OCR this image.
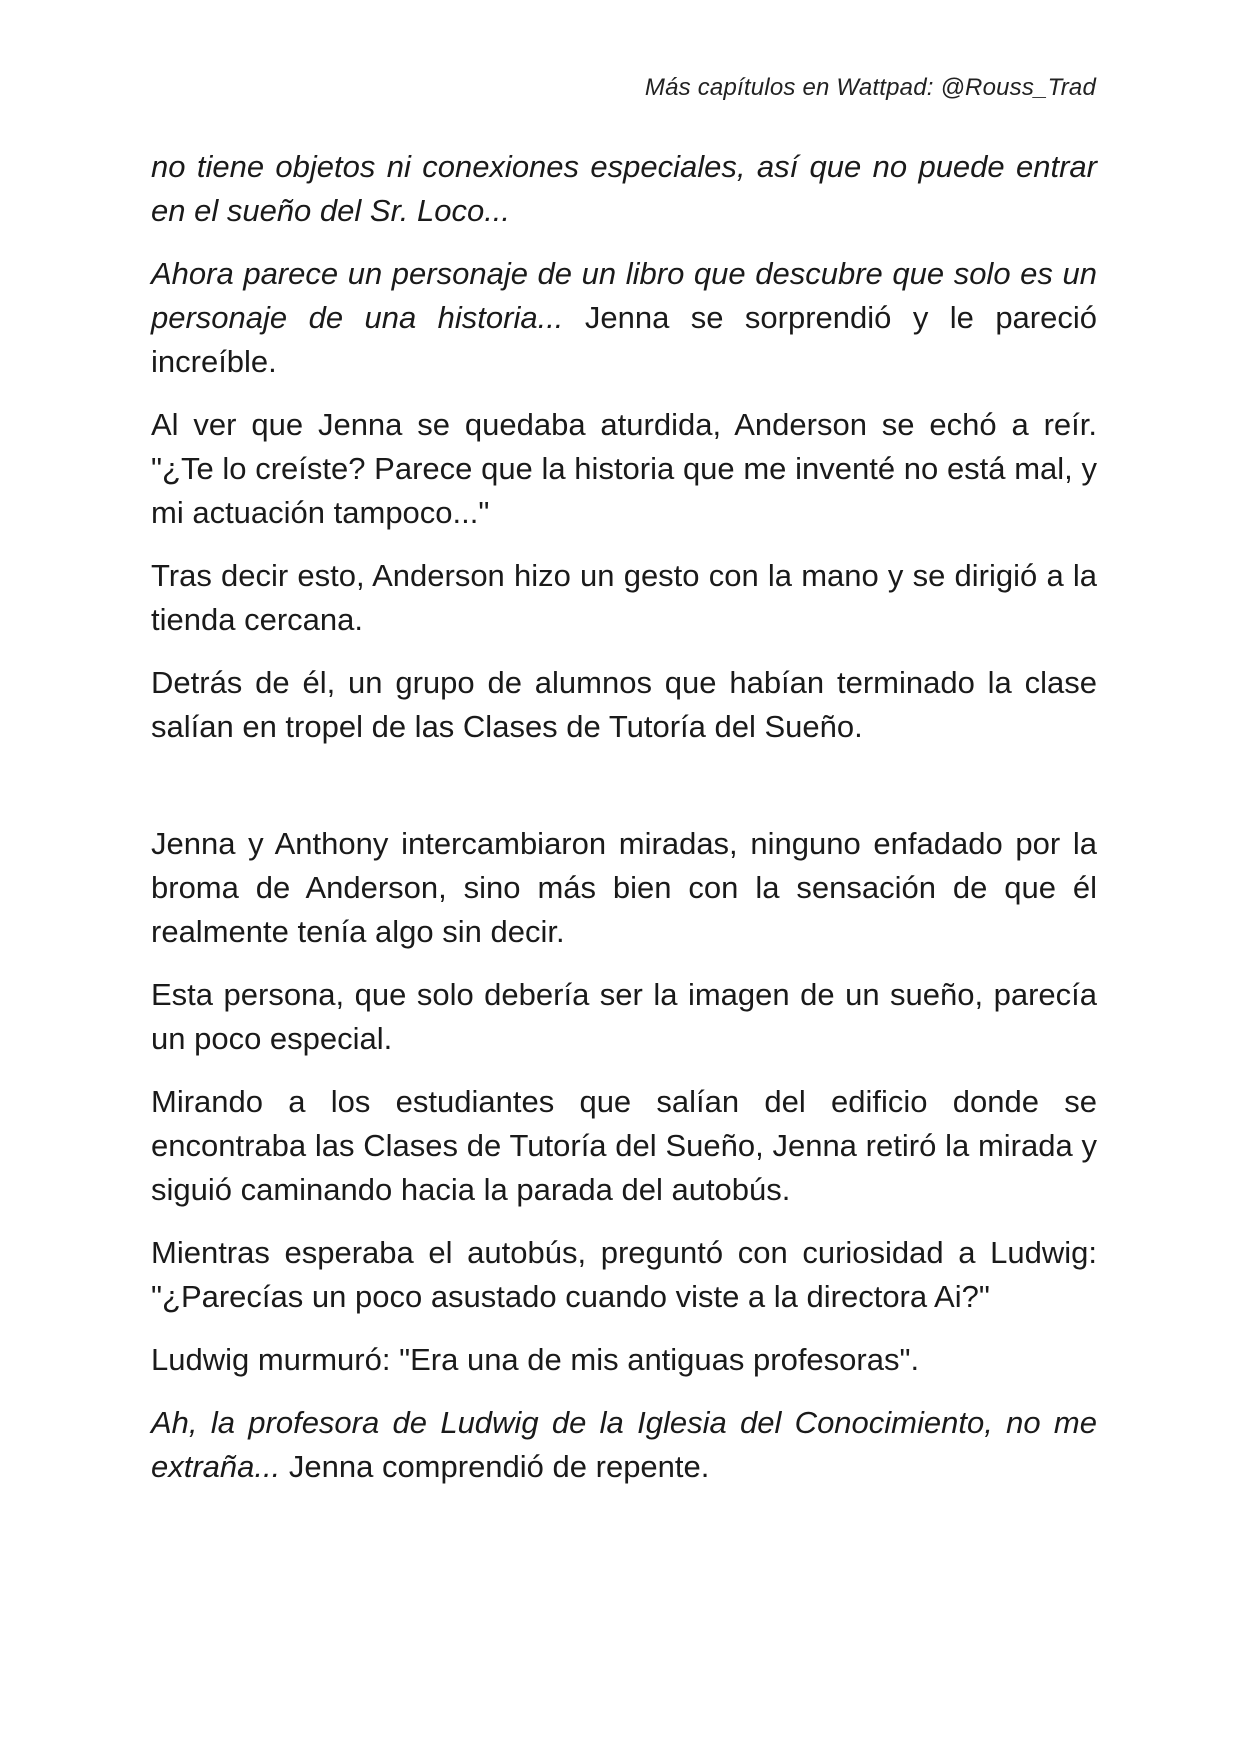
Más capítulos en Wattpad: @Rouss_Trad

no tiene objetos ni conexiones especiales, así que no puede entrar en el sueño del Sr. Loco...

Ahora parece un personaje de un libro que descubre que solo es un personaje de una historia... Jenna se sorprendió y le pareció increíble.

Al ver que Jenna se quedaba aturdida, Anderson se echó a reír. "¿Te lo creíste? Parece que la historia que me inventé no está mal, y mi actuación tampoco..."

Tras decir esto, Anderson hizo un gesto con la mano y se dirigió a la tienda cercana.

Detrás de él, un grupo de alumnos que habían terminado la clase salían en tropel de las Clases de Tutoría del Sueño.

Jenna y Anthony intercambiaron miradas, ninguno enfadado por la broma de Anderson, sino más bien con la sensación de que él realmente tenía algo sin decir.

Esta persona, que solo debería ser la imagen de un sueño, parecía un poco especial.

Mirando a los estudiantes que salían del edificio donde se encontraba las Clases de Tutoría del Sueño, Jenna retiró la mirada y siguió caminando hacia la parada del autobús.

Mientras esperaba el autobús, preguntó con curiosidad a Ludwig: "¿Parecías un poco asustado cuando viste a la directora Ai?"

Ludwig murmuró: "Era una de mis antiguas profesoras".

Ah, la profesora de Ludwig de la Iglesia del Conocimiento, no me extraña... Jenna comprendió de repente.
